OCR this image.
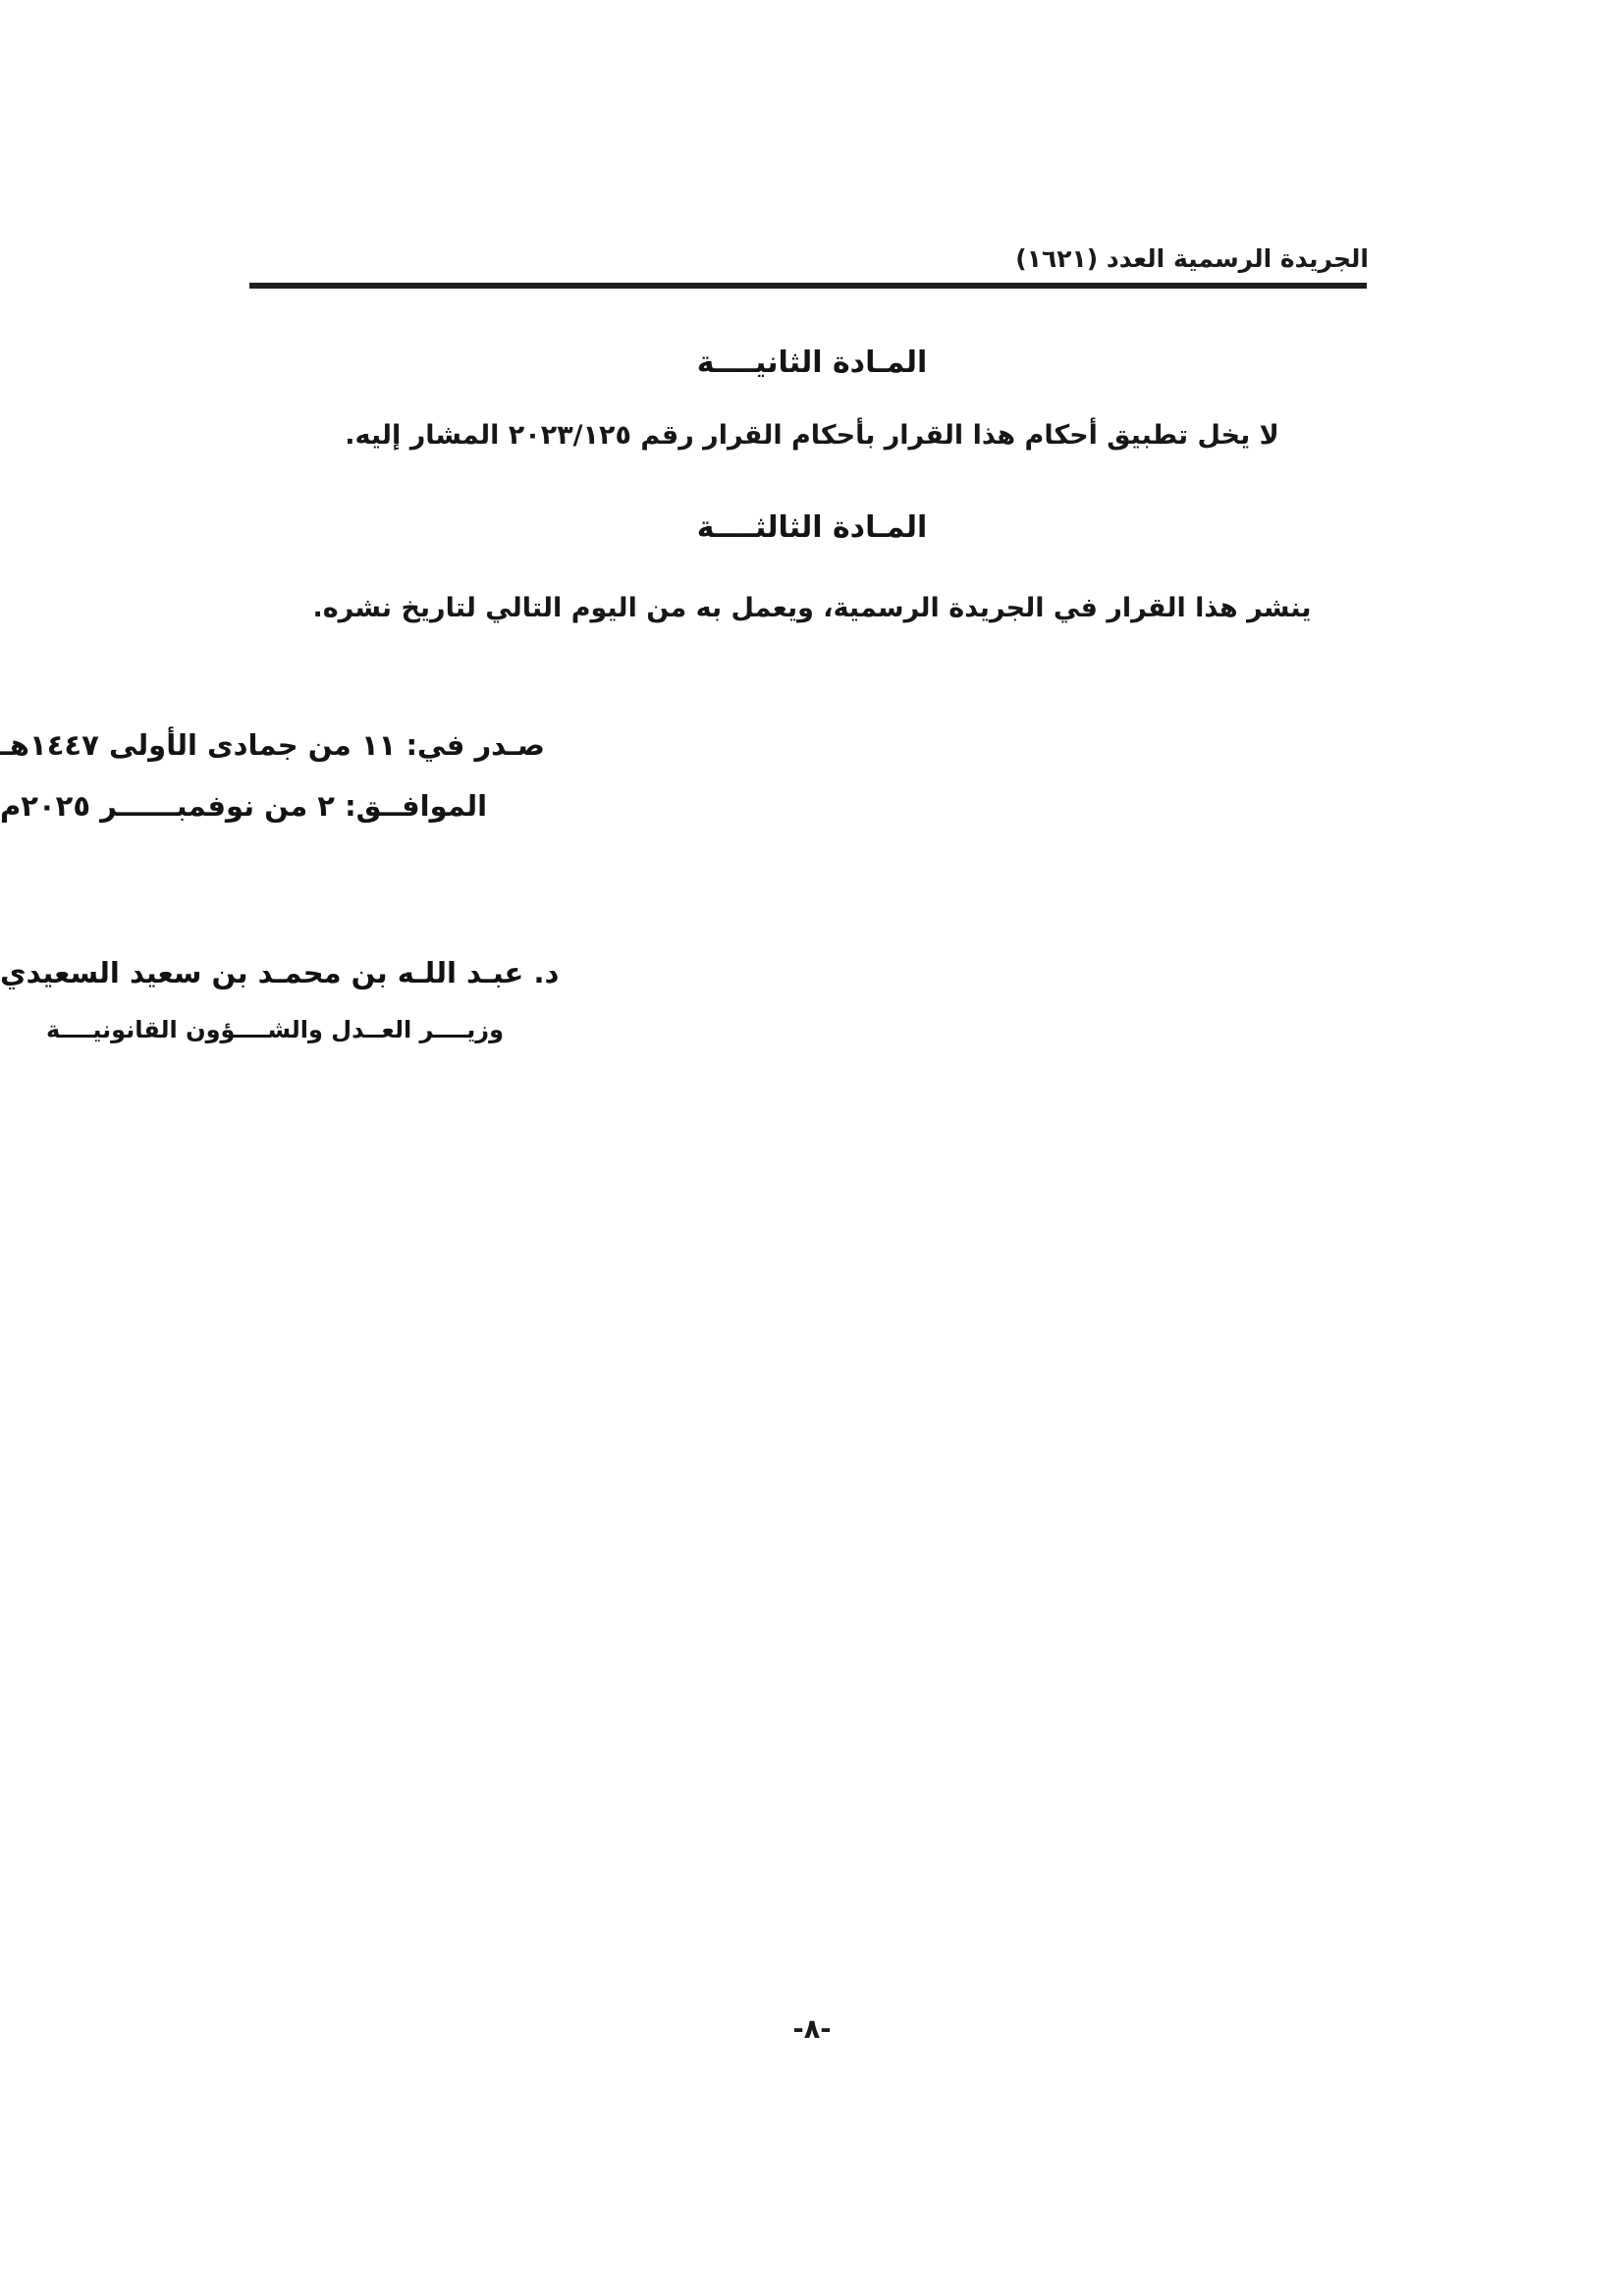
الجريدة الرسمية العدد (١٦٢١)
المـادة الثانيــــة
لا يخل تطبيق أحكام هذا القرار بأحكام القرار رقم ٢٠٢٣/١٢٥ المشار إليه.
المـادة الثالثــــة
ينشر هذا القرار في الجريدة الرسمية، ويعمل به من اليوم التالي لتاريخ نشره.
صـدر في: ١١ من جمادى الأولى ١٤٤٧هـ
الموافــق: ٢ من نوفمبــــــر ٢٠٢٥م
د. عبـد اللـه بن محمـد بن سعيد السعيدي
وزيــــر العــدل والشــــؤون القانونيــــة
-٨-
